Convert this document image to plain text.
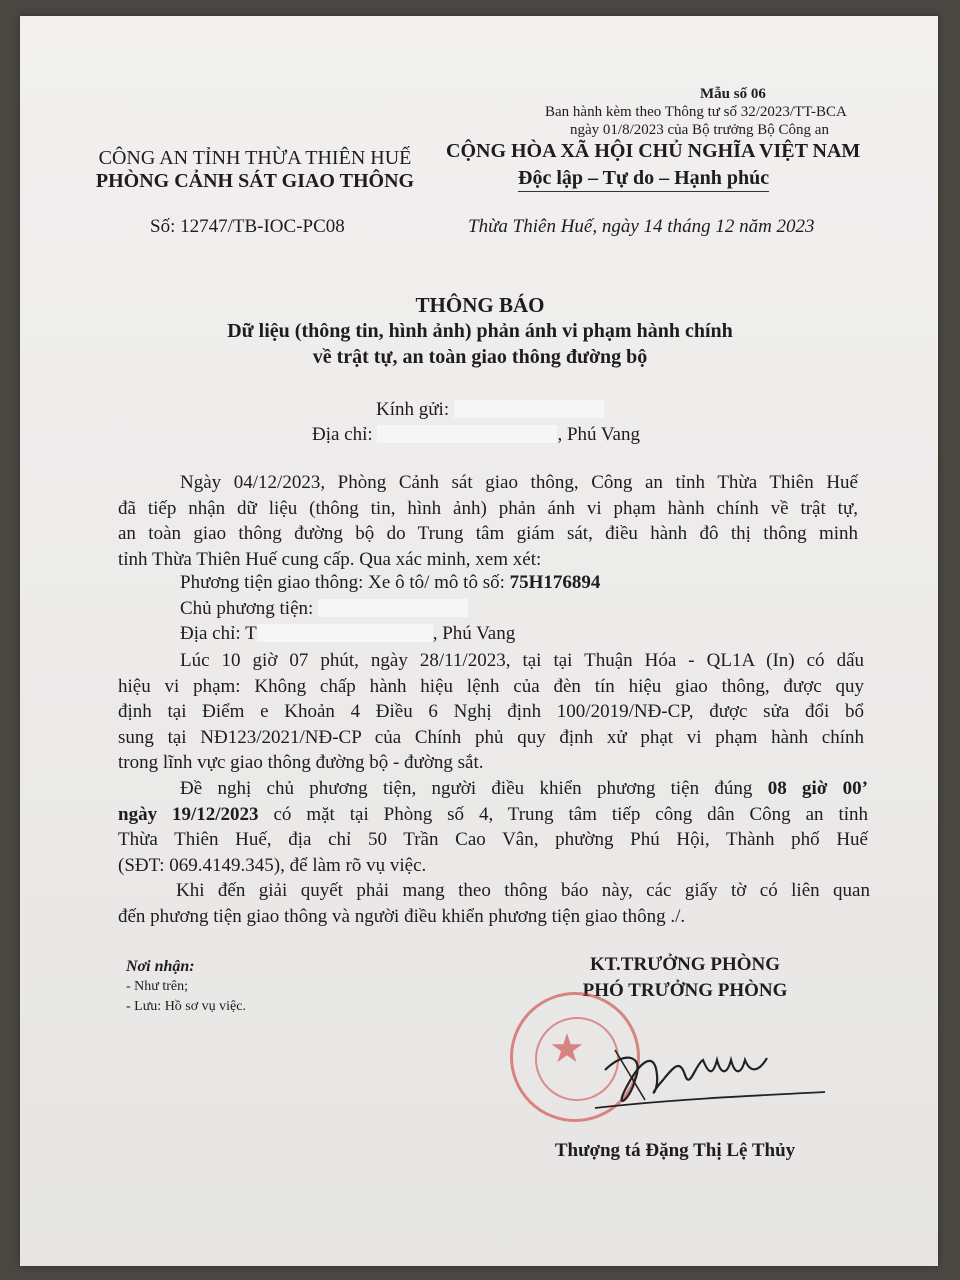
Mẫu số 06
Ban hành kèm theo Thông tư số 32/2023/TT-BCA
ngày 01/8/2023 của Bộ trưởng Bộ Công an
CỘNG HÒA XÃ HỘI CHỦ NGHĨA VIỆT NAM
Độc lập – Tự do – Hạnh phúc
Thừa Thiên Huế, ngày 14 tháng 12 năm 2023
CÔNG AN TỈNH THỪA THIÊN HUẾ
PHÒNG CẢNH SÁT GIAO THÔNG
Số: 12747/TB-IOC-PC08
THÔNG BÁO
Dữ liệu (thông tin, hình ảnh) phản ánh vi phạm hành chính
về trật tự, an toàn giao thông đường bộ
Kính gửi:
Địa chỉ:	, Phú Vang
Ngày 04/12/2023, Phòng Cảnh sát giao thông, Công an tỉnh Thừa Thiên Huế
đã tiếp nhận dữ liệu (thông tin, hình ảnh) phản ánh vi phạm hành chính về trật tự,
an toàn giao thông đường bộ do Trung tâm giám sát, điều hành đô thị thông minh
tỉnh Thừa Thiên Huế cung cấp. Qua xác minh, xem xét:
Phương tiện giao thông: Xe ô tô/ mô tô số: 75H176894
Chủ phương tiện:
Địa chỉ: T	, Phú Vang
Lúc 10 giờ 07 phút, ngày 28/11/2023, tại tại Thuận Hóa - QL1A (In) có dấu
hiệu vi phạm: Không chấp hành hiệu lệnh của đèn tín hiệu giao thông, được quy
định tại Điểm e Khoản 4 Điều 6 Nghị định 100/2019/NĐ-CP, được sửa đổi bổ
sung tại NĐ123/2021/NĐ-CP của Chính phủ quy định xử phạt vi phạm hành chính
trong lĩnh vực giao thông đường bộ - đường sắt.
Đề nghị chủ phương tiện, người điều khiển phương tiện đúng 08 giờ 00’
ngày 19/12/2023 có mặt tại Phòng số 4, Trung tâm tiếp công dân Công an tỉnh
Thừa Thiên Huế, địa chỉ 50 Trần Cao Vân, phường Phú Hội, Thành phố Huế
(SĐT: 069.4149.345), để làm rõ vụ việc.
Khi đến giải quyết phải mang theo thông báo này, các giấy tờ có liên quan
đến phương tiện giao thông và người điều khiển phương tiện giao thông ./.
Nơi nhận:
- Như trên;
- Lưu: Hồ sơ vụ việc.
KT.TRƯỞNG PHÒNG
PHÓ TRƯỞNG PHÒNG
★
Thượng tá Đặng Thị Lệ Thủy
